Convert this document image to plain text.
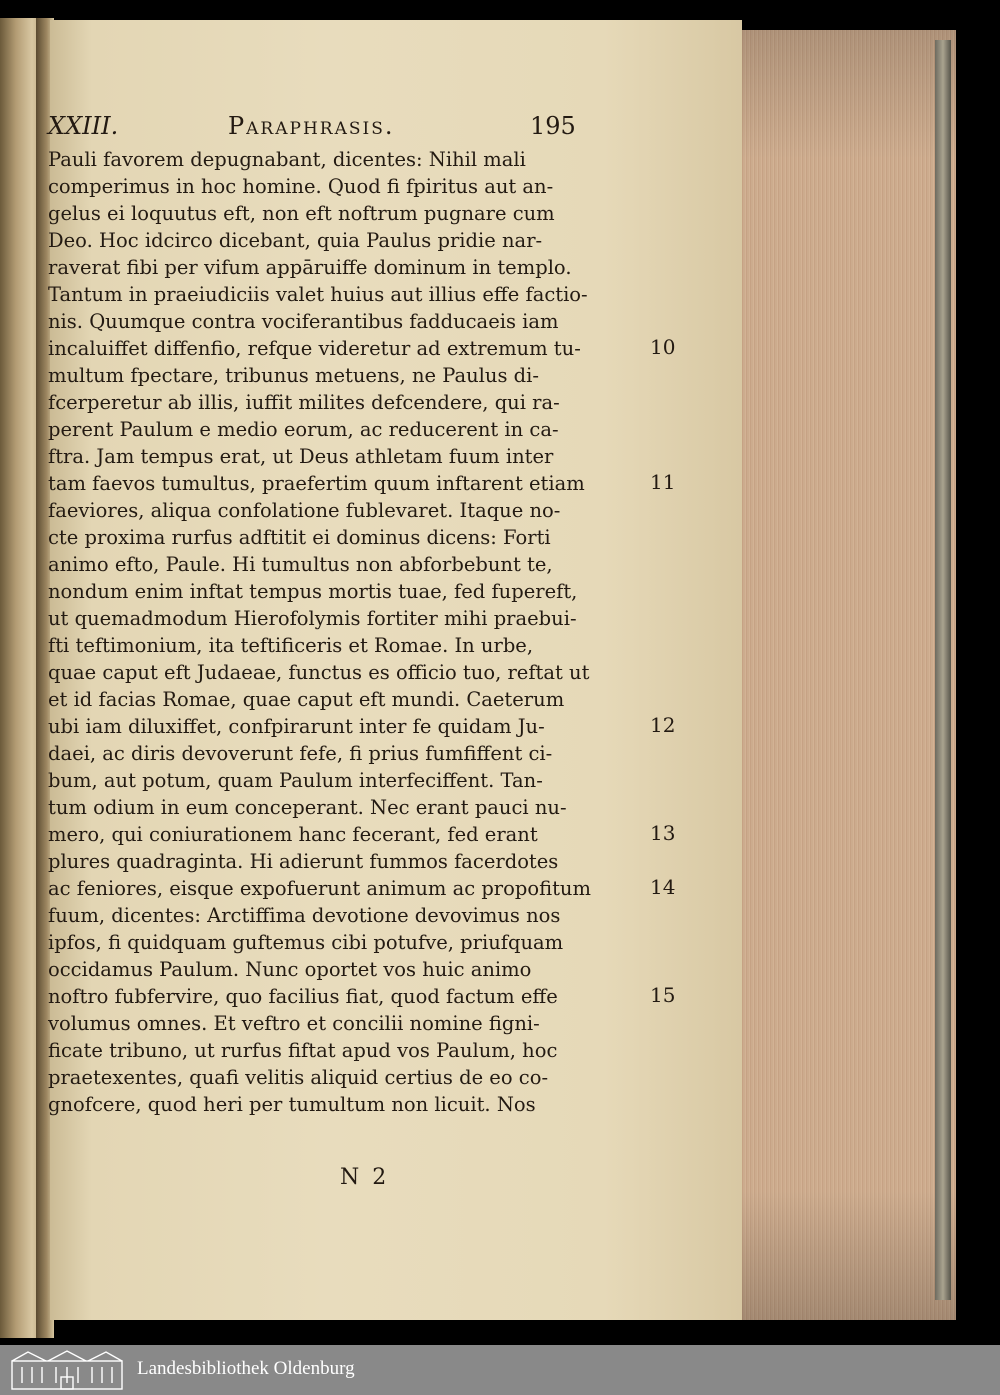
XXIII.	Paraphrasis.	195
Pauli favorem depugnabant, dicentes: Nihil mali
comperimus in hoc homine. Quod fi fpiritus aut an-
gelus ei loquutus eft, non eft noftrum pugnare cum
Deo. Hoc idcirco dicebant, quia Paulus pridie nar-
raverat fibi per vifum appāruiffe dominum in templo.
Tantum in praeiudiciis valet huius aut illius effe factio-
nis. Quumque contra vociferantibus fadducaeis iam
incaluiffet diffenfio, refque videretur ad extremum tu-
multum fpectare, tribunus metuens, ne Paulus di-
fcerperetur ab illis, iuffit milites defcendere, qui ra-
perent Paulum e medio eorum, ac reducerent in ca-
ftra. Jam tempus erat, ut Deus athletam fuum inter
tam faevos tumultus, praefertim quum inftarent etiam
faeviores, aliqua confolatione fublevaret. Itaque no-
cte proxima rurfus adftitit ei dominus dicens: Forti
animo efto, Paule. Hi tumultus non abforbebunt te,
nondum enim inftat tempus mortis tuae, fed fupereft,
ut quemadmodum Hierofolymis fortiter mihi praebui-
fti teftimonium, ita teftificeris et Romae. In urbe,
quae caput eft Judaeae, functus es officio tuo, reftat ut
et id facias Romae, quae caput eft mundi. Caeterum
ubi iam diluxiffet, confpirarunt inter fe quidam Ju-
daei, ac diris devoverunt fefe, fi prius fumfiffent ci-
bum, aut potum, quam Paulum interfeciffent. Tan-
tum odium in eum conceperant. Nec erant pauci nu-
mero, qui coniurationem hanc fecerant, fed erant
plures quadraginta. Hi adierunt fummos facerdotes
ac feniores, eisque expofuerunt animum ac propofitum
fuum, dicentes: Arctiffima devotione devovimus nos
ipfos, fi quidquam guftemus cibi potufve, priufquam
occidamus Paulum. Nunc oportet vos huic animo
noftro fubfervire, quo facilius fiat, quod factum effe
volumus omnes. Et veftro et concilii nomine figni-
ficate tribuno, ut rurfus fiftat apud vos Paulum, hoc
praetexentes, quafi velitis aliquid certius de eo co-
gnofcere, quod heri per tumultum non licuit. Nos
10
11
12
13
14
15
N 2
Landesbibliothek Oldenburg
